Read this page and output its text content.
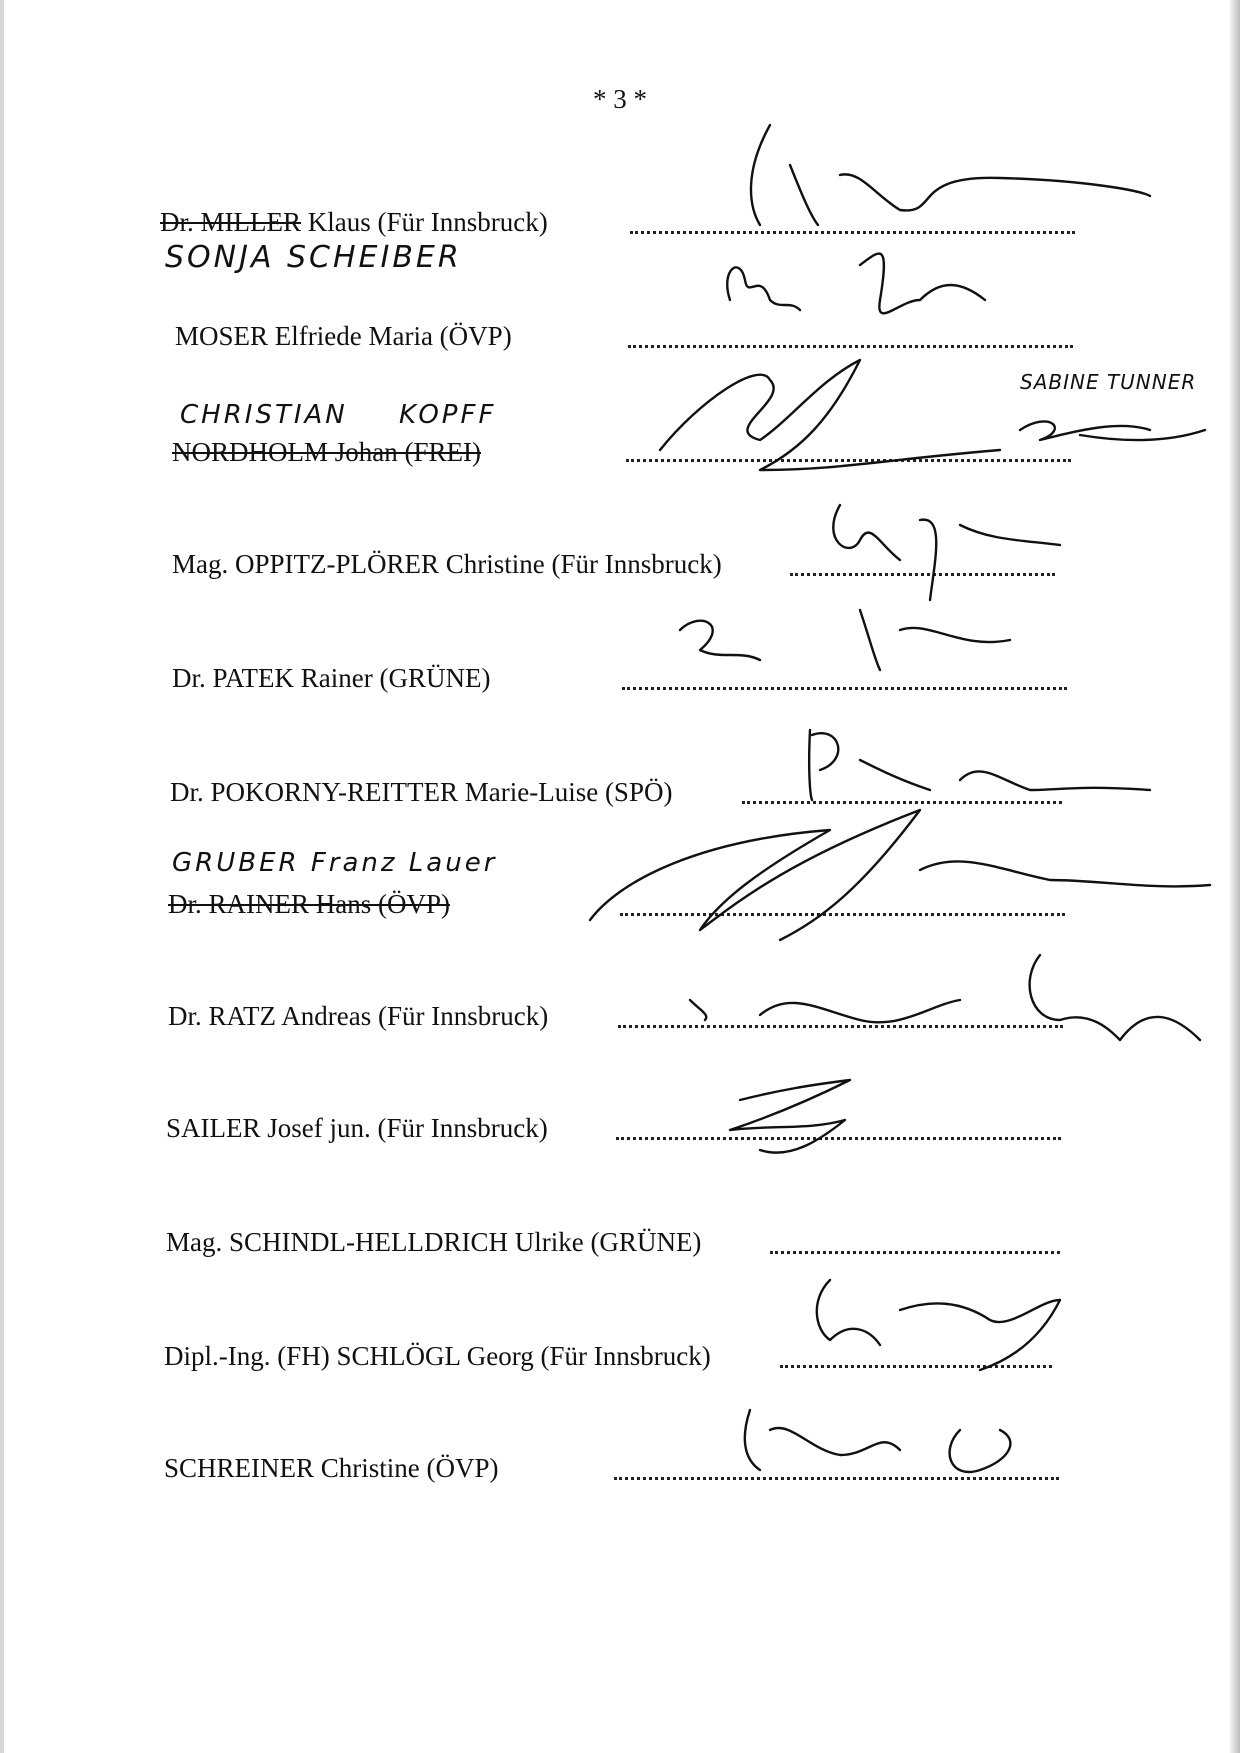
* 3 *
Dr. MILLER Klaus (Für Innsbruck)
SONJA SCHEIBER
MOSER Elfriede Maria (ÖVP)
CHRISTIAN KOPFF
NORDHOLM Johan (FREI)
SABINE TUNNER
Mag. OPPITZ-PLÖRER Christine (Für Innsbruck)
Dr. PATEK Rainer (GRÜNE)
Dr. POKORNY-REITTER Marie-Luise (SPÖ)
GRUBER Franz Lauer
Dr. RAINER Hans (ÖVP)
Dr. RATZ Andreas (Für Innsbruck)
SAILER Josef jun. (Für Innsbruck)
Mag. SCHINDL-HELLDRICH Ulrike (GRÜNE)
Dipl.-Ing. (FH) SCHLÖGL Georg (Für Innsbruck)
SCHREINER Christine (ÖVP)
